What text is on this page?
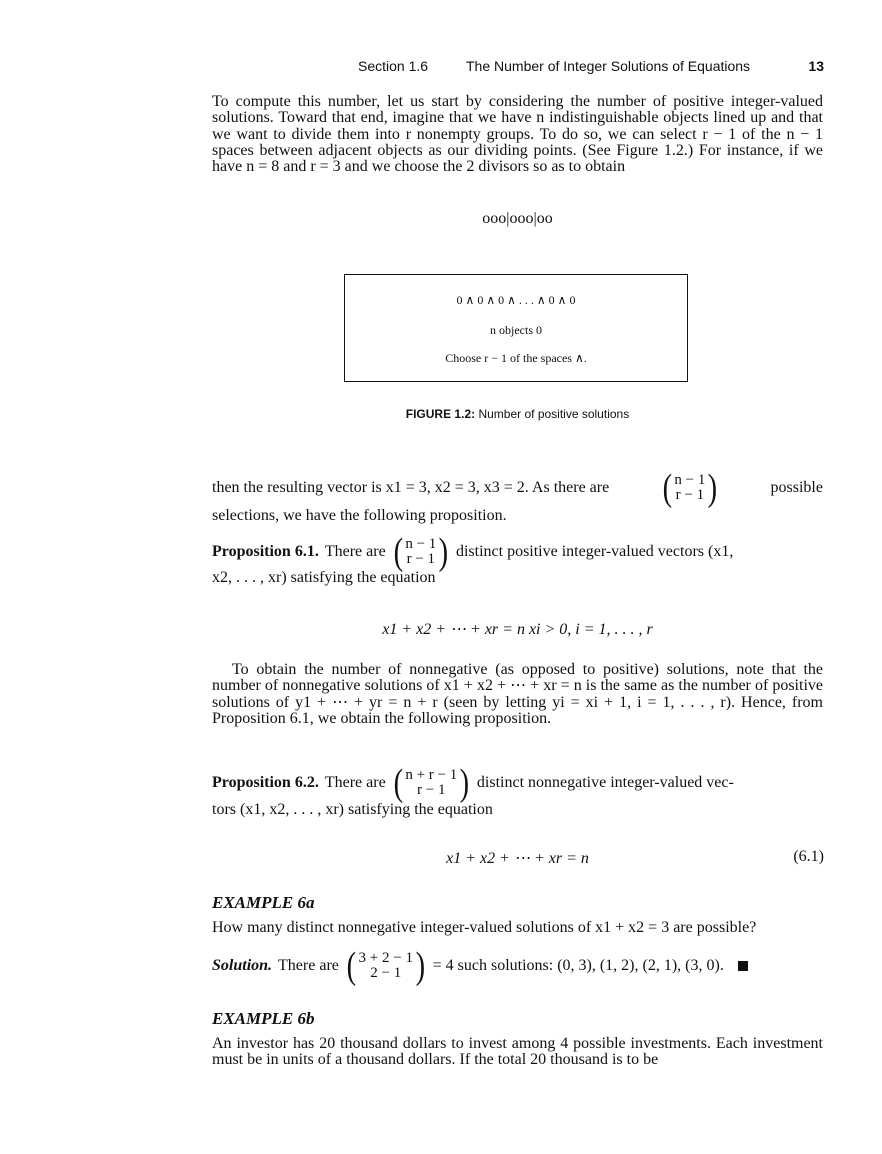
Section 1.6	The Number of Integer Solutions of Equations	13

To compute this number, let us start by considering the number of positive integer-valued solutions. Toward that end, imagine that we have n indistinguishable objects lined up and that we want to divide them into r nonempty groups. To do so, we can select r − 1 of the n − 1 spaces between adjacent objects as our dividing points. (See Figure 1.2.) For instance, if we have n = 8 and r = 3 and we choose the 2 divisors so as to obtain

ooo|ooo|oo
0 ∧ 0 ∧ 0 ∧ . . . ∧ 0 ∧ 0
n objects 0
Choose r − 1 of the spaces ∧.
FIGURE 1.2: Number of positive solutions
then the resulting vector is x1 = 3, x2 = 3, x3 = 2. As there are ( n − 1
r − 1 )	possible
selections, we have the following proposition.
Proposition 6.1. There are ( n − 1
r − 1 ) distinct positive integer-valued vectors (x1,
x2, . . . , xr) satisfying the equation
x1 + x2 + ⋯ + xr = n xi > 0, i = 1, . . . , r

To obtain the number of nonnegative (as opposed to positive) solutions, note that the number of nonnegative solutions of x1 + x2 + ⋯ + xr = n is the same as the number of positive solutions of y1 + ⋯ + yr = n + r (seen by letting yi = xi + 1, i = 1, . . . , r). Hence, from Proposition 6.1, we obtain the following proposition.

Proposition 6.2. There are ( n + r − 1
r − 1 ) distinct nonnegative integer-valued vec-
tors (x1, x2, . . . , xr) satisfying the equation
x1 + x2 + ⋯ + xr = n	(6.1)
EXAMPLE 6a
How many distinct nonnegative integer-valued solutions of x1 + x2 = 3 are possible?
Solution. There are ( 3 + 2 − 1
2 − 1 ) = 4 such solutions: (0, 3), (1, 2), (2, 1), (3, 0).
EXAMPLE 6b

An investor has 20 thousand dollars to invest among 4 possible investments. Each investment must be in units of a thousand dollars. If the total 20 thousand is to be
